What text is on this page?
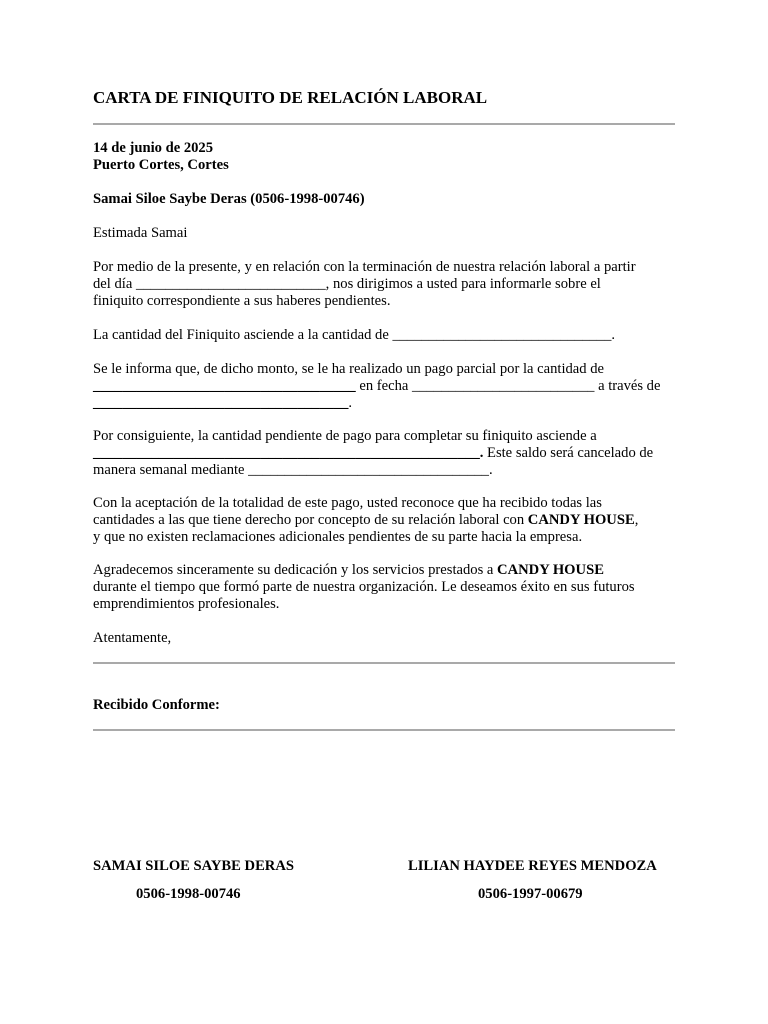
CARTA DE FINIQUITO DE RELACIÓN LABORAL

14 de junio de 2025

Puerto Cortes, Cortes

Samai Siloe Saybe Deras (0506-1998-00746)

Estimada Samai

Por medio de la presente, y en relación con la terminación de nuestra relación laboral a partir
del día __________________________, nos dirigimos a usted para informarle sobre el
finiquito correspondiente a sus haberes pendientes.

La cantidad del Finiquito asciende a la cantidad de ______________________________.

Se le informa que, de dicho monto, se le ha realizado un pago parcial por la cantidad de
____________________________________ en fecha _________________________ a través de
___________________________________.
Por consiguiente, la cantidad pendiente de pago para completar su finiquito asciende a
_____________________________________________________. Este saldo será cancelado de
manera semanal mediante _________________________________.
Con la aceptación de la totalidad de este pago, usted reconoce que ha recibido todas las
cantidades a las que tiene derecho por concepto de su relación laboral con CANDY HOUSE,
y que no existen reclamaciones adicionales pendientes de su parte hacia la empresa.
Agradecemos sinceramente su dedicación y los servicios prestados a CANDY HOUSE
durante el tiempo que formó parte de nuestra organización. Le deseamos éxito en sus futuros
emprendimientos profesionales.

Atentamente,

Recibido Conforme:

SAMAI SILOE SAYBE DERAS
0506-1998-00746
LILIAN HAYDEE REYES MENDOZA
0506-1997-00679
